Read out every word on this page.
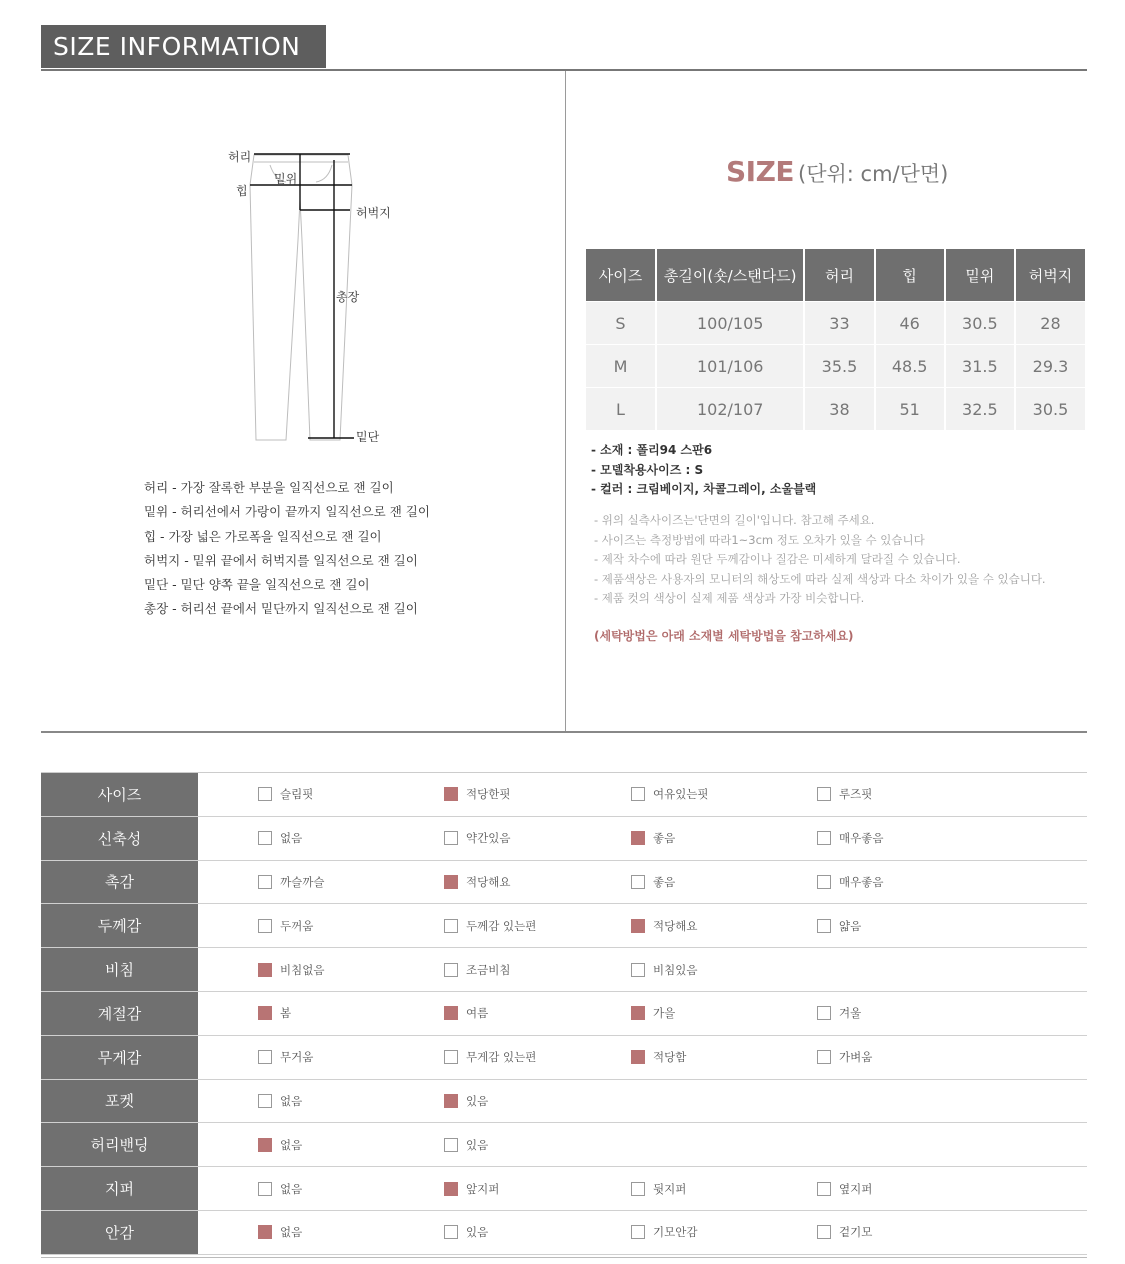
SIZE INFORMATION
허리
밑위
힙
허벅지
총장
밑단
허리 - 가장 잘록한 부분을 일직선으로 잰 길이
밑위 - 허리선에서 가랑이 끝까지 일직선으로 잰 길이
힙 - 가장 넓은 가로폭을 일직선으로 잰 길이
허벅지 - 밑위 끝에서 허벅지를 일직선으로 잰 길이
밑단 - 밑단 양쪽 끝을 일직선으로 잰 길이
총장 - 허리선 끝에서 밑단까지 일직선으로 잰 길이
SIZE (단위: cm/단면)
사이즈	총길이(숏/스탠다드)	허리	힙	밑위	허벅지
S	100/105	33	46	30.5	28
M	101/106	35.5	48.5	31.5	29.3
L	102/107	38	51	32.5	30.5
- 소재 : 폴리94 스판6
- 모델착용사이즈 : S
- 컬러 : 크림베이지, 차콜그레이, 소울블랙
- 위의 실측사이즈는'단면의 길이'입니다. 참고해 주세요.
- 사이즈는 측정방법에 따라1~3cm 정도 오차가 있을 수 있습니다
- 제작 차수에 따라 원단 두께감이나 질감은 미세하게 달라질 수 있습니다.
- 제품색상은 사용자의 모니터의 해상도에 따라 실제 색상과 다소 차이가 있을 수 있습니다.
- 제품 컷의 색상이 실제 제품 색상과 가장 비슷합니다.
(세탁방법은 아래 소재별 세탁방법을 참고하세요)
사이즈	슬림핏	적당한핏	여유있는핏	루즈핏
신축성	없음	약간있음	좋음	매우좋음
촉감	까슬까슬	적당해요	좋음	매우좋음
두께감	두꺼움	두께감 있는편	적당해요	얇음
비침	비침없음	조금비침	비침있음
계절감	봄	여름	가을	겨울
무게감	무거움	무게감 있는편	적당함	가벼움
포켓	없음	있음
허리밴딩	없음	있음
지퍼	없음	앞지퍼	뒷지퍼	옆지퍼
안감	없음	있음	기모안감	겉기모
